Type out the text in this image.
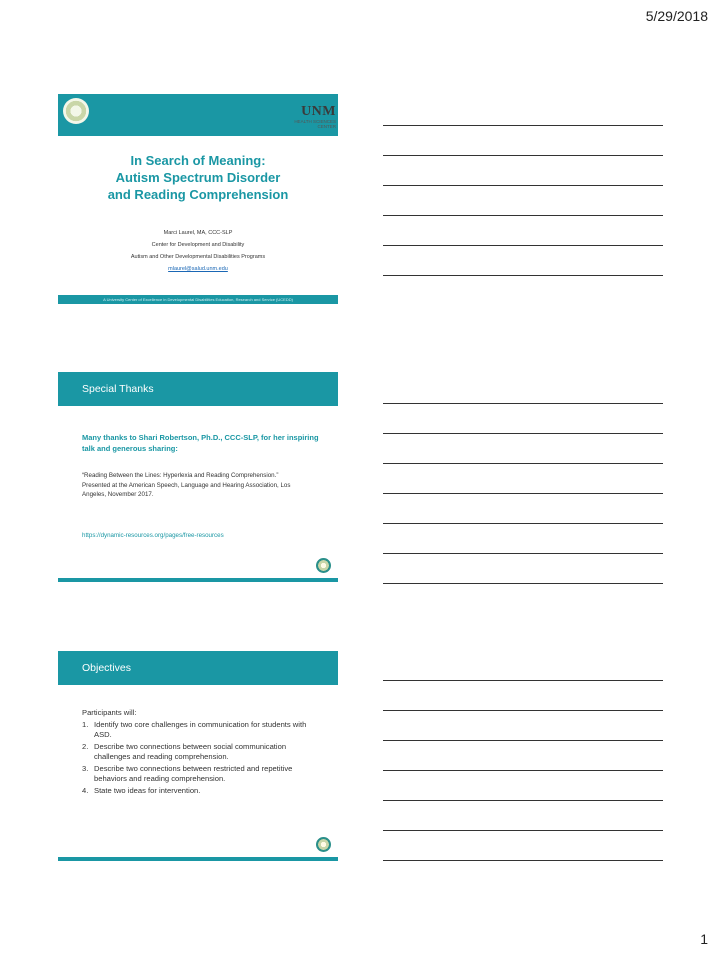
5/29/2018
UNM
HEALTH SCIENCES
CENTER
In Search of Meaning:
Autism Spectrum Disorder
and Reading Comprehension
Marci Laurel, MA, CCC-SLP
Center for Development and Disability
Autism and Other Developmental Disabilities Programs
mlaurel@salud.unm.edu
A University Center of Excellence in Developmental Disabilities Education, Research and Service (UCEDD)
Special Thanks
Many thanks to Shari Robertson, Ph.D., CCC-SLP, for her inspiring talk and generous sharing:
“Reading Between the Lines: Hyperlexia and Reading Comprehension.” Presented at the American Speech, Language and Hearing Association, Los Angeles, November 2017.
https://dynamic-resources.org/pages/free-resources
Objectives
Participants will:
1. Identify two core challenges in communication for students with ASD.
2. Describe two connections between social communication challenges and reading comprehension.
3. Describe two connections between restricted and repetitive behaviors and reading comprehension.
4. State two ideas for intervention.
1
